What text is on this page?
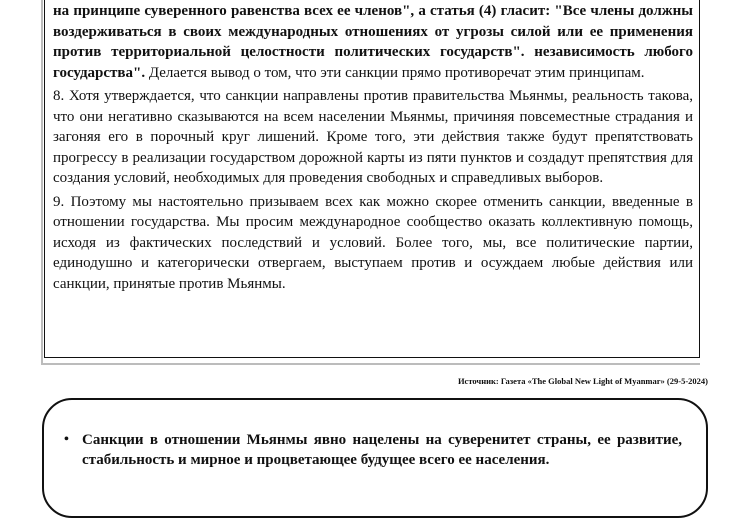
на принципе суверенного равенства всех ее членов", а статья (4) гласит: "Все члены должны воздерживаться в своих международных отношениях от угрозы силой или ее применения против территориальной целостности политических государств". независимость любого государства". Делается вывод о том, что эти санкции прямо противоречат этим принципам.

8. Хотя утверждается, что санкции направлены против правительства Мьянмы, реальность такова, что они негативно сказываются на всем населении Мьянмы, причиняя повсеместные страдания и загоняя его в порочный круг лишений. Кроме того, эти действия также будут препятствовать прогрессу в реализации государством дорожной карты из пяти пунктов и создадут препятствия для создания условий, необходимых для проведения свободных и справедливых выборов.

9. Поэтому мы настоятельно призываем всех как можно скорее отменить санкции, введенные в отношении государства. Мы просим международное сообщество оказать коллективную помощь, исходя из фактических последствий и условий. Более того, мы, все политические партии, единодушно и категорически отвергаем, выступаем против и осуждаем любые действия или санкции, принятые против Мьянмы.

Источник: Газета «The Global New Light of Myanmar» (29-5-2024)
• Санкции в отношении Мьянмы явно нацелены на суверенитет страны, ее развитие, стабильность и мирное и процветающее будущее всего ее населения.
